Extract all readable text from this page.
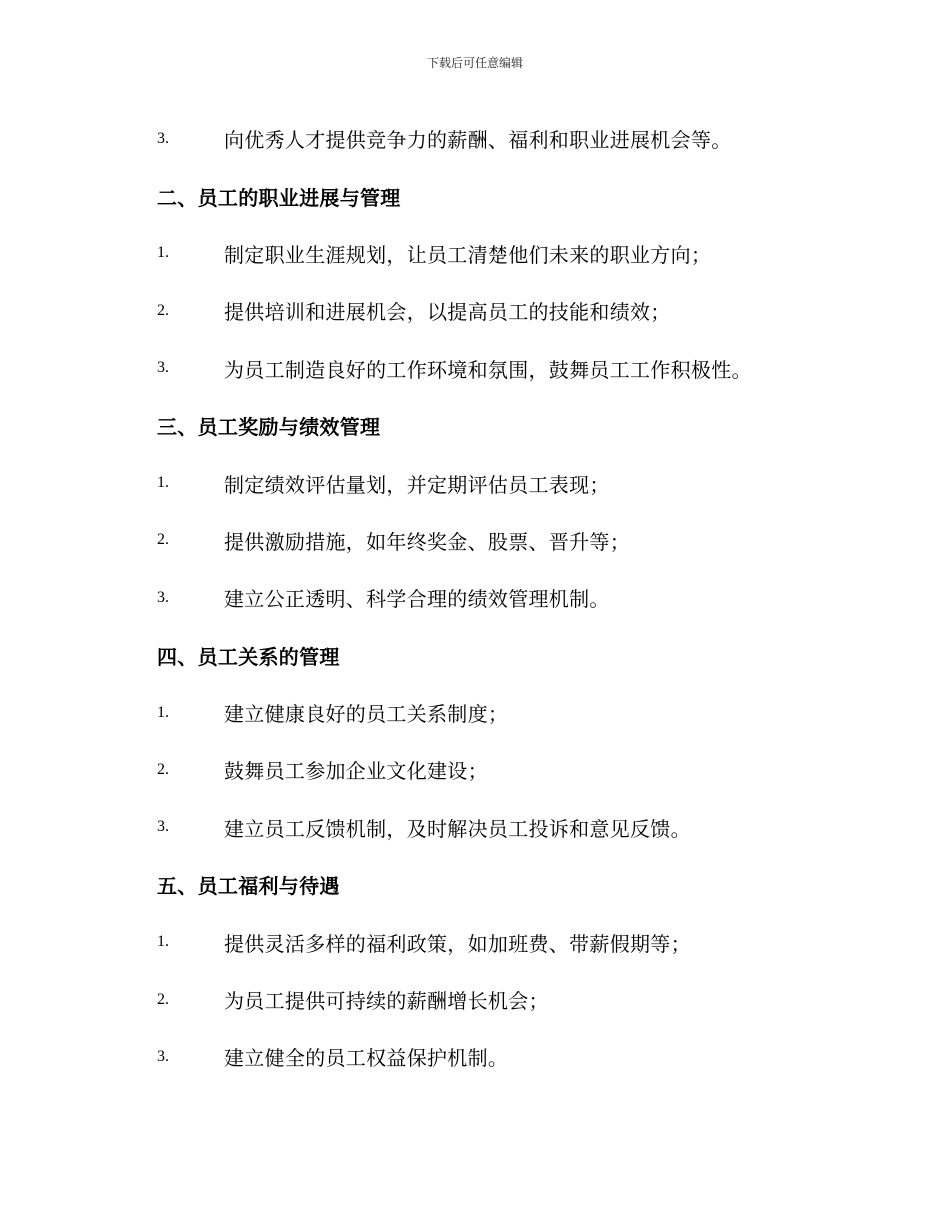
下载后可任意编辑
3.	向优秀人才提供竞争力的薪酬、福利和职业进展机会等。
二、员工的职业进展与管理
1.	制定职业生涯规划，让员工清楚他们未来的职业方向；
2.	提供培训和进展机会，以提高员工的技能和绩效；
3.	为员工制造良好的工作环境和氛围，鼓舞员工工作积极性。
三、员工奖励与绩效管理
1.	制定绩效评估量划，并定期评估员工表现；
2.	提供激励措施，如年终奖金、股票、晋升等；
3.	建立公正透明、科学合理的绩效管理机制。
四、员工关系的管理
1.	建立健康良好的员工关系制度；
2.	鼓舞员工参加企业文化建设；
3.	建立员工反馈机制，及时解决员工投诉和意见反馈。
五、员工福利与待遇
1.	提供灵活多样的福利政策，如加班费、带薪假期等；
2.	为员工提供可持续的薪酬增长机会；
3.	建立健全的员工权益保护机制。
